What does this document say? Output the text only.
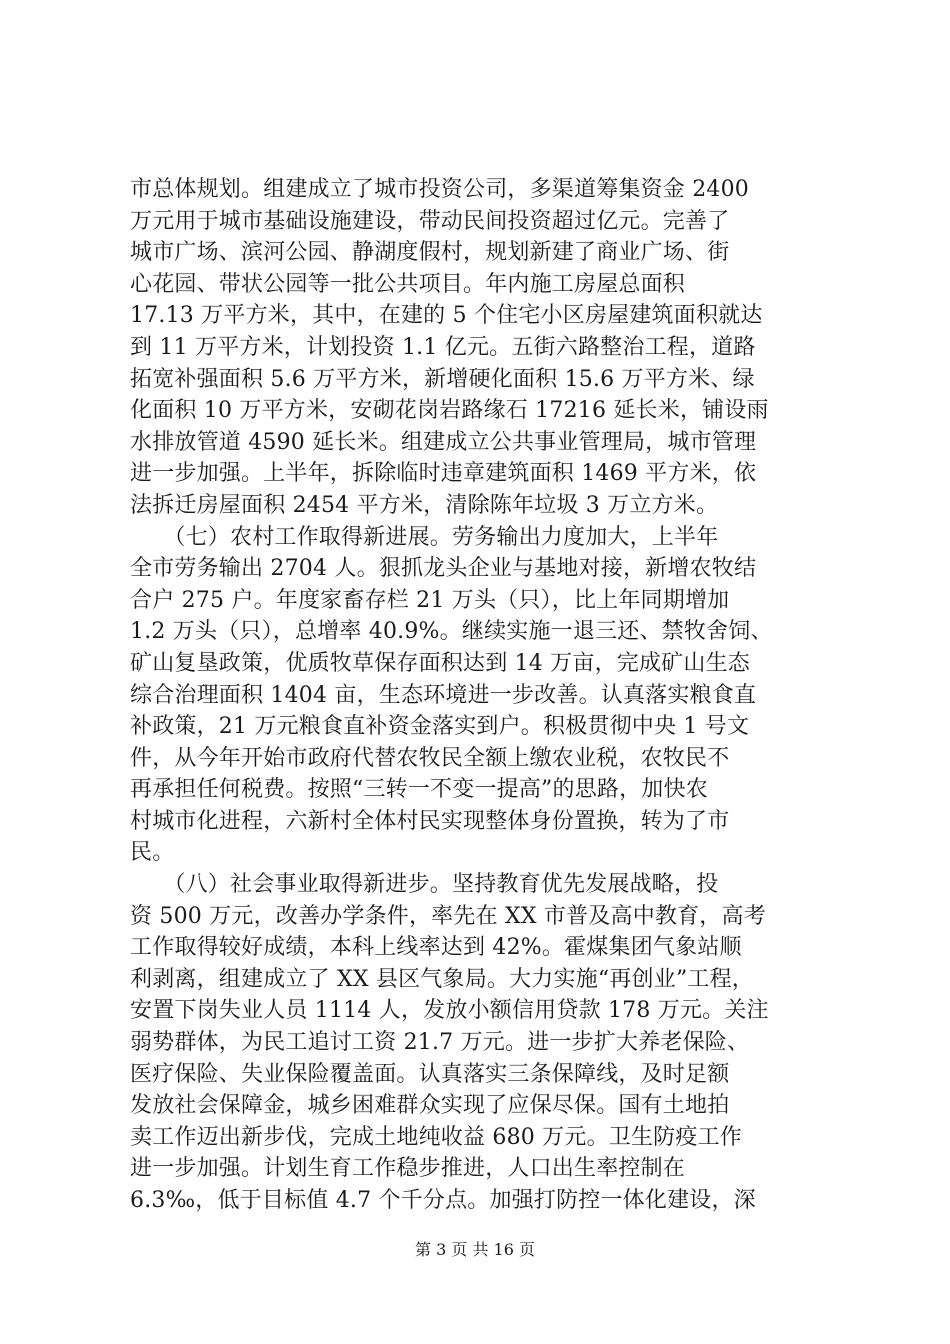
市总体规划。组建成立了城市投资公司，多渠道筹集资金 2400
万元用于城市基础设施建设，带动民间投资超过亿元。完善了
城市广场、滨河公园、静湖度假村，规划新建了商业广场、街
心花园、带状公园等一批公共项目。年内施工房屋总面积
17.13 万平方米，其中，在建的 5 个住宅小区房屋建筑面积就达
到 11 万平方米，计划投资 1.1 亿元。五街六路整治工程，道路
拓宽补强面积 5.6 万平方米，新增硬化面积 15.6 万平方米、绿
化面积 10 万平方米，安砌花岗岩路缘石 17216 延长米，铺设雨
水排放管道 4590 延长米。组建成立公共事业管理局，城市管理
进一步加强。上半年，拆除临时违章建筑面积 1469 平方米，依
法拆迁房屋面积 2454 平方米，清除陈年垃圾 3 万立方米。
　　（七）农村工作取得新进展。劳务输出力度加大，上半年
全市劳务输出 2704 人。狠抓龙头企业与基地对接，新增农牧结
合户 275 户。年度家畜存栏 21 万头（只），比上年同期增加
1.2 万头（只），总增率 40.9%。继续实施一退三还、禁牧舍饲、
矿山复垦政策，优质牧草保存面积达到 14 万亩，完成矿山生态
综合治理面积 1404 亩，生态环境进一步改善。认真落实粮食直
补政策，21 万元粮食直补资金落实到户。积极贯彻中央 1 号文
件，从今年开始市政府代替农牧民全额上缴农业税，农牧民不
再承担任何税费。按照“三转一不变一提高”的思路，加快农
村城市化进程，六新村全体村民实现整体身份置换，转为了市
民。
　　（八）社会事业取得新进步。坚持教育优先发展战略，投
资 500 万元，改善办学条件，率先在 XX 市普及高中教育，高考
工作取得较好成绩，本科上线率达到 42%。霍煤集团气象站顺
利剥离，组建成立了 XX 县区气象局。大力实施“再创业”工程，
安置下岗失业人员 1114 人，发放小额信用贷款 178 万元。关注
弱势群体，为民工追讨工资 21.7 万元。进一步扩大养老保险、
医疗保险、失业保险覆盖面。认真落实三条保障线，及时足额
发放社会保障金，城乡困难群众实现了应保尽保。国有土地拍
卖工作迈出新步伐，完成土地纯收益 680 万元。卫生防疫工作
进一步加强。计划生育工作稳步推进，人口出生率控制在
6.3‰，低于目标值 4.7 个千分点。加强打防控一体化建设，深
第 3 页 共 16 页
